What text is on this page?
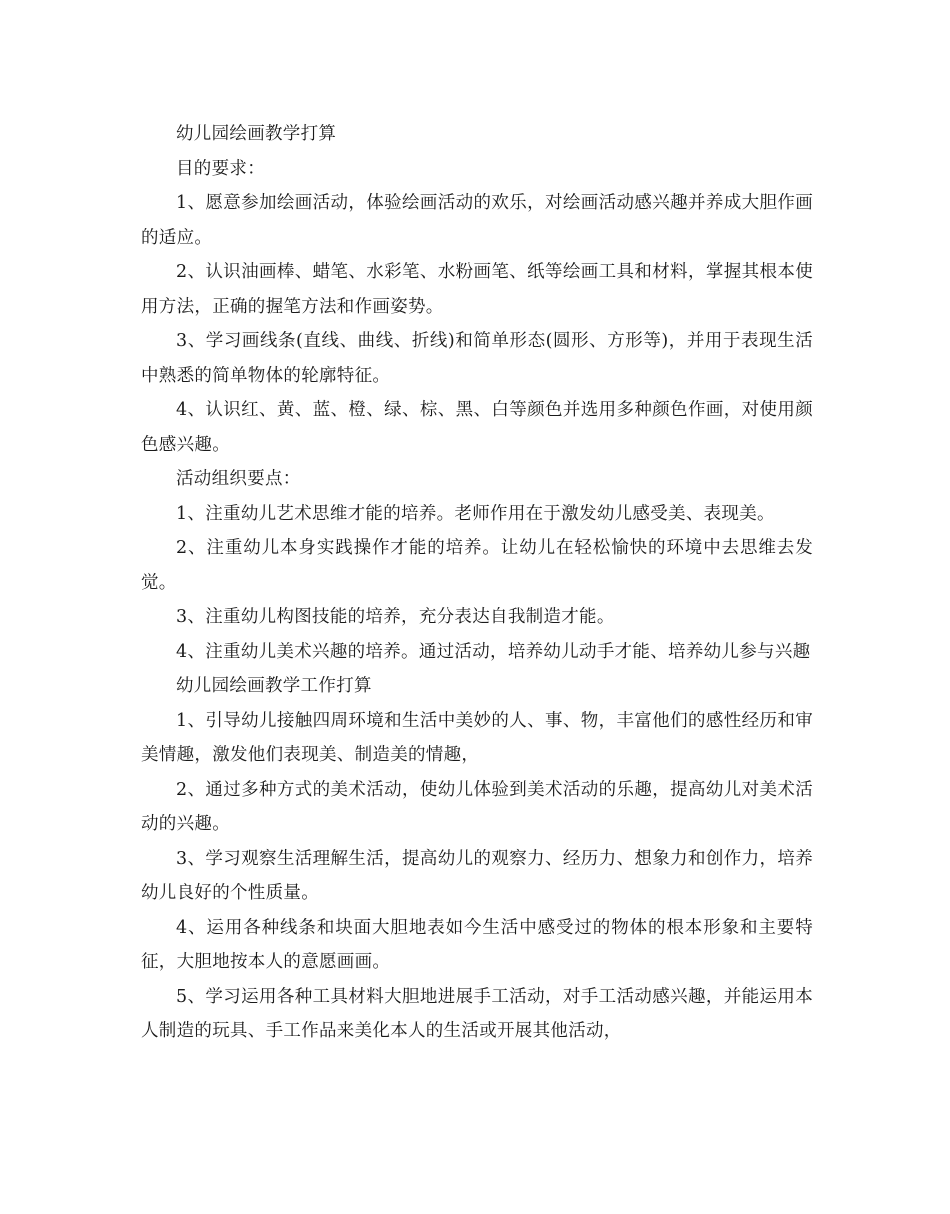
幼儿园绘画教学打算

目的要求：

1、愿意参加绘画活动，体验绘画活动的欢乐，对绘画活动感兴趣并养成大胆作画的适应。

2、认识油画棒、蜡笔、水彩笔、水粉画笔、纸等绘画工具和材料，掌握其根本使用方法，正确的握笔方法和作画姿势。

3、学习画线条(直线、曲线、折线)和简单形态(圆形、方形等)，并用于表现生活中熟悉的简单物体的轮廓特征。

4、认识红、黄、蓝、橙、绿、棕、黑、白等颜色并选用多种颜色作画，对使用颜色感兴趣。

活动组织要点：

1、注重幼儿艺术思维才能的培养。老师作用在于激发幼儿感受美、表现美。

2、注重幼儿本身实践操作才能的培养。让幼儿在轻松愉快的环境中去思维去发觉。

3、注重幼儿构图技能的培养，充分表达自我制造才能。

4、注重幼儿美术兴趣的培养。通过活动，培养幼儿动手才能、培养幼儿参与兴趣

幼儿园绘画教学工作打算

1、引导幼儿接触四周环境和生活中美妙的人、事、物，丰富他们的感性经历和审美情趣，激发他们表现美、制造美的情趣，

2、通过多种方式的美术活动，使幼儿体验到美术活动的乐趣，提高幼儿对美术活动的兴趣。

3、学习观察生活理解生活，提高幼儿的观察力、经历力、想象力和创作力，培养幼儿良好的个性质量。

4、运用各种线条和块面大胆地表如今生活中感受过的物体的根本形象和主要特征，大胆地按本人的意愿画画。

5、学习运用各种工具材料大胆地进展手工活动，对手工活动感兴趣，并能运用本人制造的玩具、手工作品来美化本人的生活或开展其他活动，
